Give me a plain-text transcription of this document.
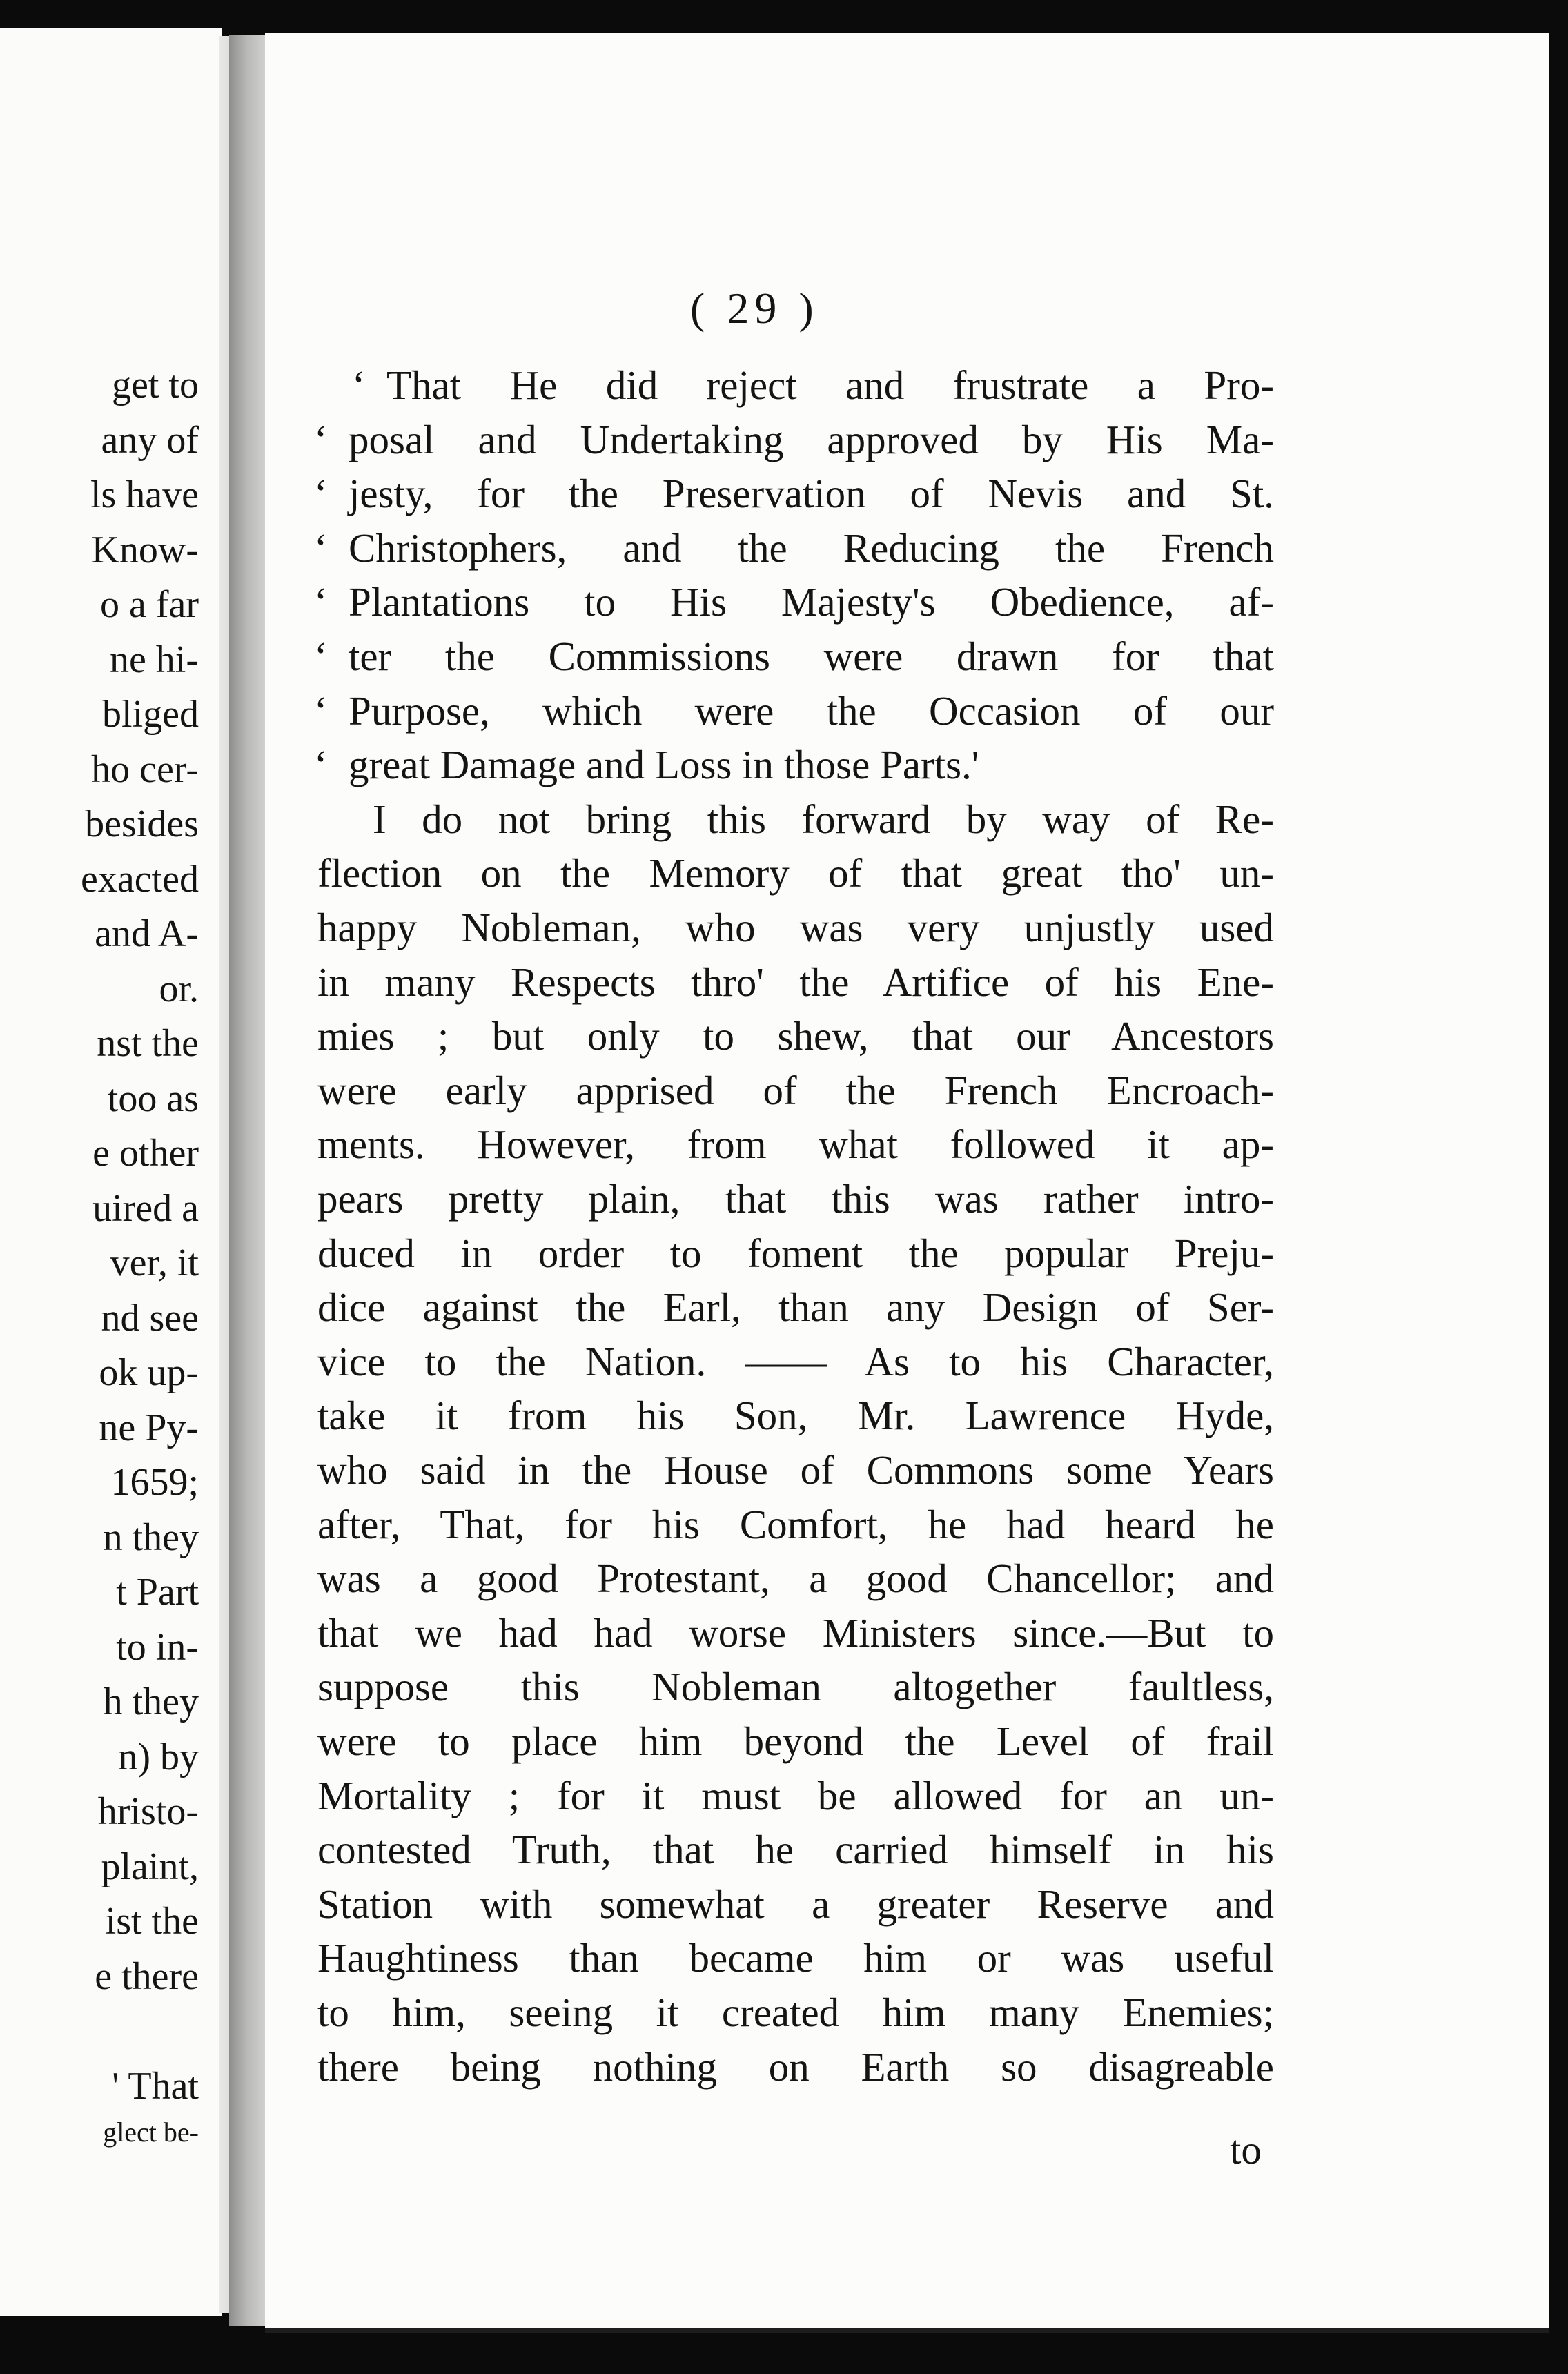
get to
any of
ls have
Know-
o a far
ne hi-
bliged
ho cer-
besides
exacted
and A-
or.
nst the
too as
e other
uired a
ver, it
nd see
ok up-
ne Py-
1659;
n they
t Part
to in-
h they
n) by
hristo-
plaint,
ist the
e there
' That
glect be-
( 29 )
‘ That He did reject and frustrate a Pro-
‘ posal and Undertaking approved by His Ma-
‘ jesty, for the Preservation of Nevis and St.
‘ Christophers, and the Reducing the French
‘ Plantations to His Majesty's Obedience, af-
‘ ter the Commissions were drawn for that
‘ Purpose, which were the Occasion of our
‘ great Damage and Loss in those Parts.'
I do not bring this forward by way of Re-
flection on the Memory of that great tho' un-
happy Nobleman, who was very unjustly used
in many Respects thro' the Artifice of his Ene-
mies ; but only to shew, that our Ancestors
were early apprised of the French Encroach-
ments. However, from what followed it ap-
pears pretty plain, that this was rather intro-
duced in order to foment the popular Preju-
dice against the Earl, than any Design of Ser-
vice to the Nation. —— As to his Character,
take it from his Son, Mr. Lawrence Hyde,
who said in the House of Commons some Years
after, That, for his Comfort, he had heard he
was a good Protestant, a good Chancellor; and
that we had had worse Ministers since.—But to
suppose this Nobleman altogether faultless,
were to place him beyond the Level of frail
Mortality ; for it must be allowed for an un-
contested Truth, that he carried himself in his
Station with somewhat a greater Reserve and
Haughtiness than became him or was useful
to him, seeing it created him many Enemies;
there being nothing on Earth so disagreable
to
